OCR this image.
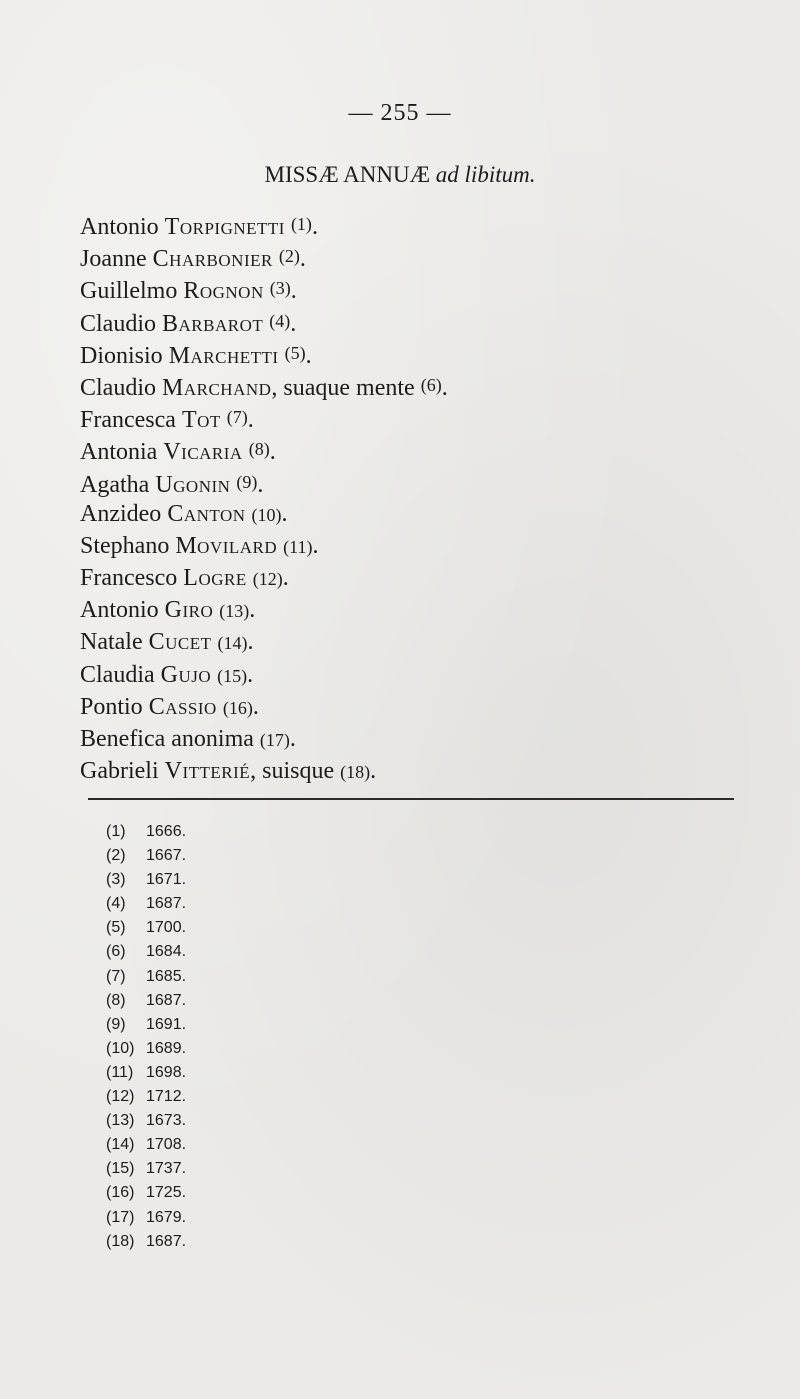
— 255 —
MISSÆ ANNUÆ ad libitum.
Antonio Torpignetti $^{(1)}$.
Joanne Charbonier $^{(2)}$.
Guillelmo Rognon $^{(3)}$.
Claudio Barbarot $^{(4)}$.
Dionisio Marchetti $^{(5)}$.
Claudio Marchand, suaque mente $^{(6)}$.
Francesca Tot $^{(7)}$.
Antonia Vicaria $^{(8)}$.
Agatha Ugonin $^{(9)}$.
Anzideo Canton (10).
Stephano Movilard (11).
Francesco Logre (12).
Antonio Giro (13).
Natale Cucet (14).
Claudia Gujo (15).
Pontio Cassio (16).
Benefica anonima (17).
Gabrieli Vitterié, suisque (18).
(1) 1666.
(2) 1667.
(3) 1671.
(4) 1687.
(5) 1700.
(6) 1684.
(7) 1685.
(8) 1687.
(9) 1691.
(10) 1689.
(11) 1698.
(12) 1712.
(13) 1673.
(14) 1708.
(15) 1737.
(16) 1725.
(17) 1679.
(18) 1687.
